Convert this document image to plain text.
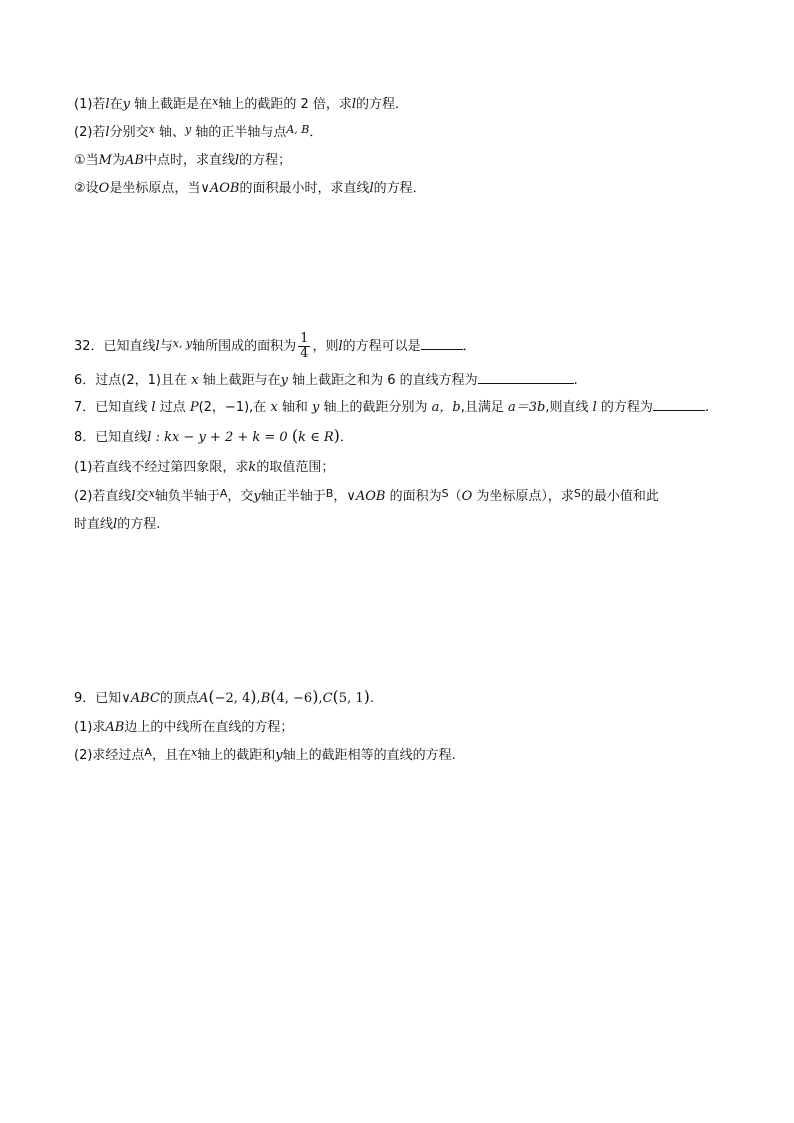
(1)若l在y 轴上截距是在$^x$轴上的截距的 2 倍，求l的方程．
(2)若l分别交$^x$ 轴、$^y$ 轴的正半轴与点$^{A, B}$．
①当M为AB中点时，求直线l的方程；
②设O是坐标原点，当∨AOB的面积最小时，求直线l的方程．
32．已知直线l与$^{x, y}$轴所围成的面积为 $\frac{1}{4}$ ，则l的方程可以是	．
6．过点(2，1)且在 x 轴上截距与在y 轴上截距之和为 6 的直线方程为	.
7．已知直线 l 过点 P(2，−1),在 x 轴和 y 轴上的截距分别为 a，b,且满足 a＝3b,则直线 l 的方程为	.
8．已知直线l : kx − y + 2 + k = 0 (k ∈ R)．
(1)若直线不经过第四象限，求k的取值范围；
(2)若直线l交$^x$轴负半轴于$^A$，交y轴正半轴于$^B$，∨AOB 的面积为$^S$（O 为坐标原点），求$^S$的最小值和此
时直线l的方程.
9．已知∨ABC的顶点A(−2, 4),B(4, −6),C(5, 1).
(1)求AB边上的中线所在直线的方程；
(2)求经过点$^A$，且在$^x$轴上的截距和y轴上的截距相等的直线的方程.
